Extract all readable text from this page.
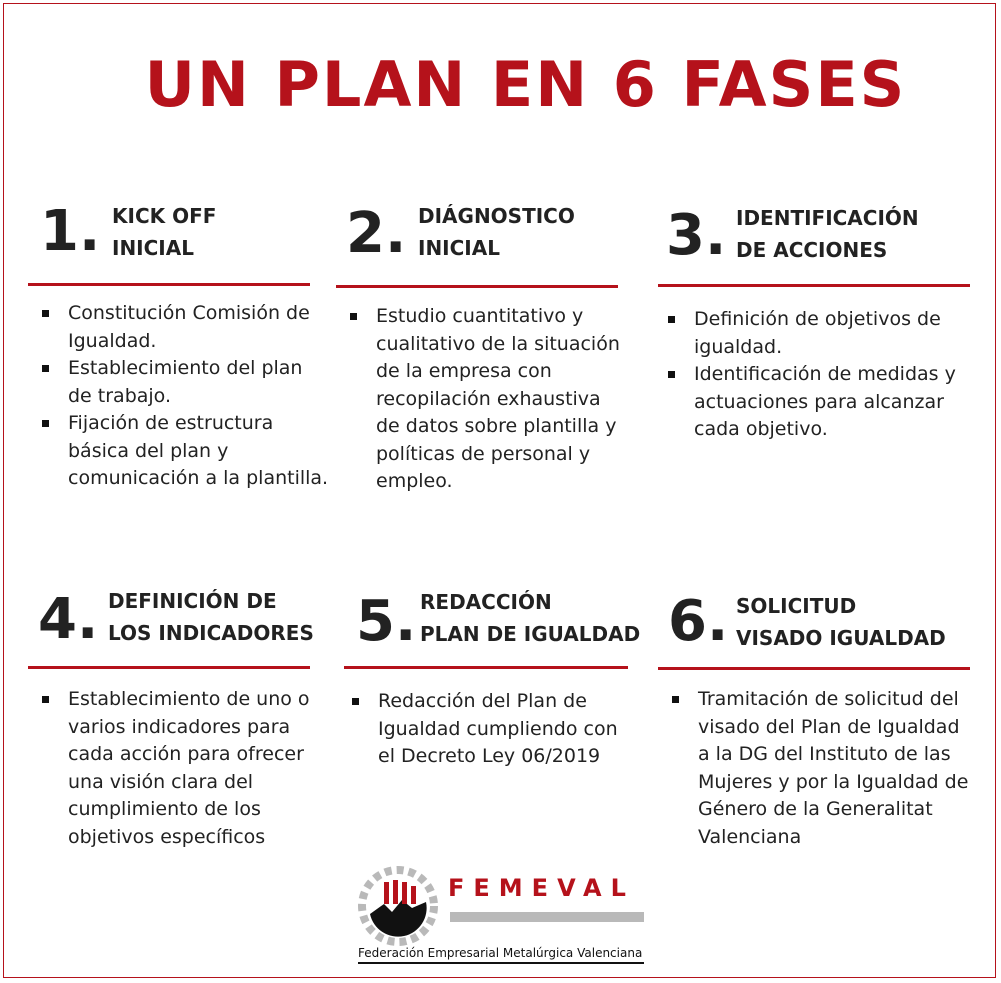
UN PLAN EN 6 FASES
1. KICK OFF
INICIAL
Constitución Comisión de Igualdad.
Establecimiento del plan de trabajo.
Fijación de estructura básica del plan y comunicación a la plantilla.
2. DIÁGNOSTICO
INICIAL
Estudio cuantitativo y cualitativo de la situación de la empresa con recopilación exhaustiva de datos sobre plantilla y políticas de personal y empleo.
3. IDENTIFICACIÓN
DE ACCIONES
Definición de objetivos de igualdad.
Identificación de medidas y actuaciones para alcanzar cada objetivo.
4. DEFINICIÓN DE
LOS INDICADORES
Establecimiento de uno o varios indicadores para cada acción para ofrecer una visión clara del cumplimiento de los objetivos específicos
5. REDACCIÓN
PLAN DE IGUALDAD
Redacción del Plan de Igualdad cumpliendo con el Decreto Ley 06/2019
6. SOLICITUD
VISADO IGUALDAD
Tramitación de solicitud del visado del Plan de Igualdad a la DG del Instituto de las Mujeres y por la Igualdad de Género de la Generalitat Valenciana
FEMEVAL
Federación Empresarial Metalúrgica Valenciana
